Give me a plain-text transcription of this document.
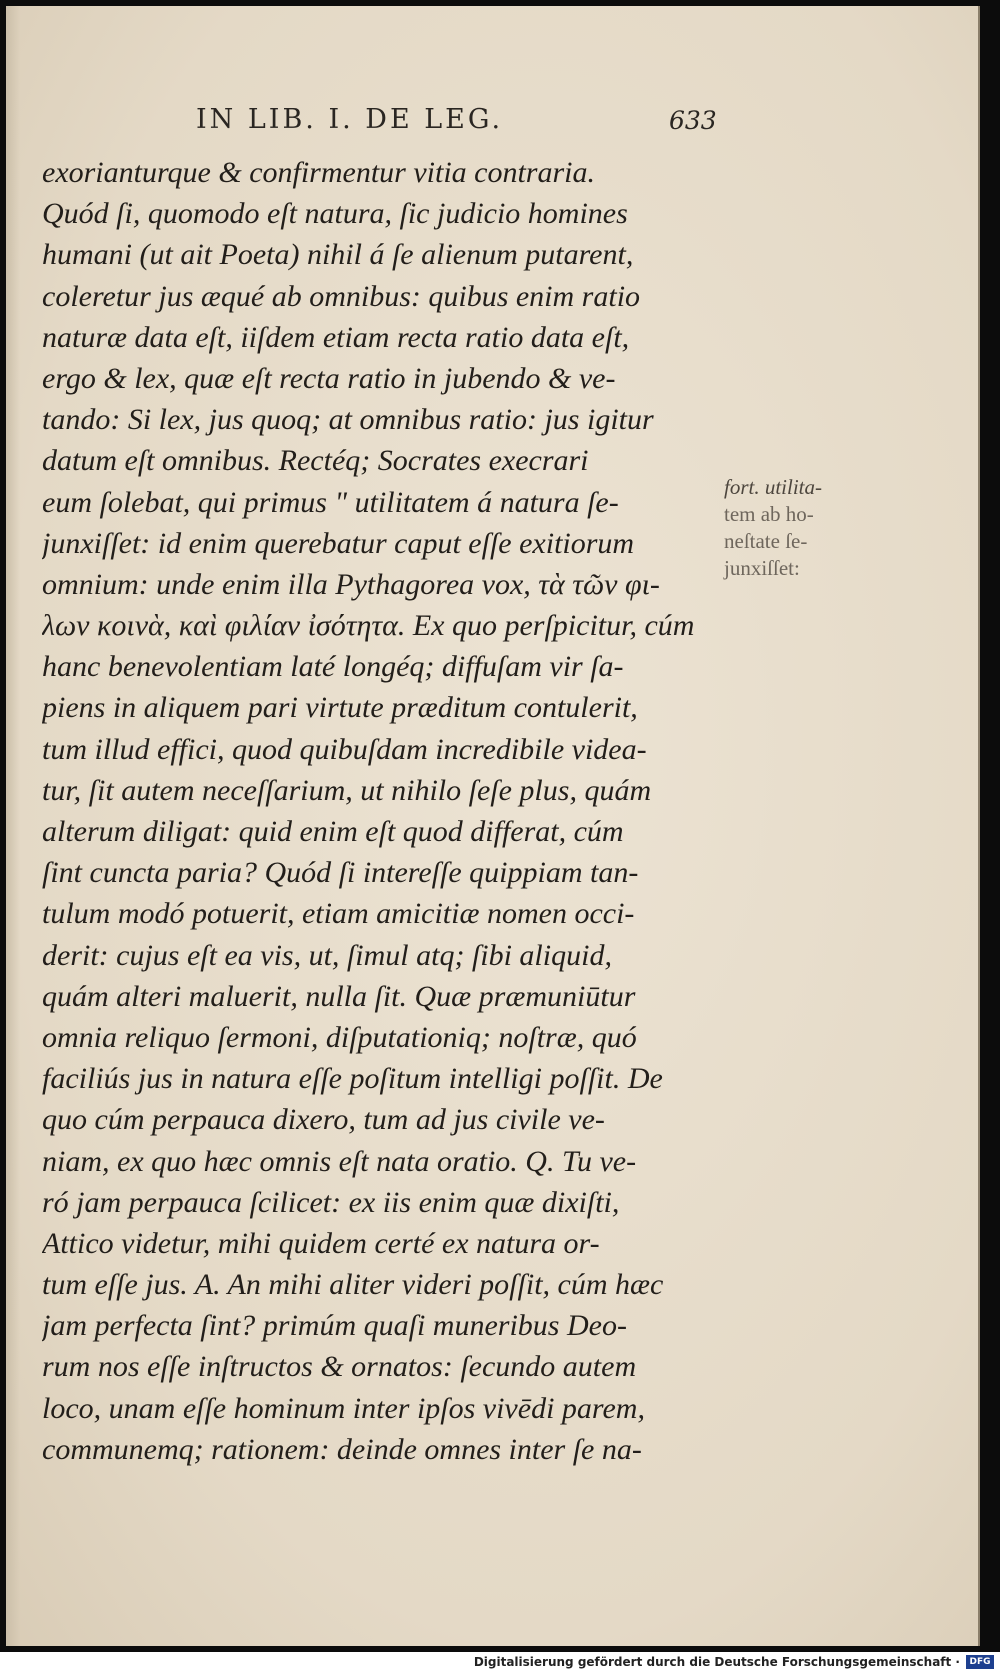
IN LIB. I. DE LEG.	633
exorianturque & confirmentur vitia contraria.
Quód ſi, quomodo eſt natura, ſic judicio homines
humani (ut ait Poeta) nihil á ſe alienum putarent,
coleretur jus æqué ab omnibus: quibus enim ratio
naturæ data eſt, iiſdem etiam recta ratio data eſt,
ergo & lex, quæ eſt recta ratio in jubendo & ve-
tando: Si lex, jus quoq; at omnibus ratio: jus igitur
datum eſt omnibus. Rectéq; Socrates execrari
eum ſolebat, qui primus " utilitatem á natura ſe-
junxiſſet: id enim querebatur caput eſſe exitiorum
omnium: unde enim illa Pythagorea vox, τὰ τῶν φι-
λων κοινὰ, καὶ φιλίαν ἰσότητα. Ex quo perſpicitur, cúm
hanc benevolentiam laté longéq; diffuſam vir ſa-
piens in aliquem pari virtute præditum contulerit,
tum illud effici, quod quibuſdam incredibile videa-
tur, ſit autem neceſſarium, ut nihilo ſeſe plus, quám
alterum diligat: quid enim eſt quod differat, cúm
ſint cuncta paria? Quód ſi intereſſe quippiam tan-
tulum modó potuerit, etiam amicitiæ nomen occi-
derit: cujus eſt ea vis, ut, ſimul atq; ſibi aliquid,
quám alteri maluerit, nulla ſit. Quæ præmuniūtur
omnia reliquo ſermoni, diſputationiq; noſtræ, quó
faciliús jus in natura eſſe poſitum intelligi poſſit. De
quo cúm perpauca dixero, tum ad jus civile ve-
niam, ex quo hæc omnis eſt nata oratio. Q. Tu ve-
ró jam perpauca ſcilicet: ex iis enim quæ dixiſti,
Attico videtur, mihi quidem certé ex natura or-
tum eſſe jus. A. An mihi aliter videri poſſit, cúm hæc
jam perfecta ſint? primúm quaſi muneribus Deo-
rum nos eſſe inſtructos & ornatos: ſecundo autem
loco, unam eſſe hominum inter ipſos vivēdi parem,
communemq; rationem: deinde omnes inter ſe na-
fort. utilita-
tem ab ho-
neſtate ſe-
junxiſſet:
Digitalisierung gefördert durch die Deutsche Forschungsgemeinschaft ·	DFG
